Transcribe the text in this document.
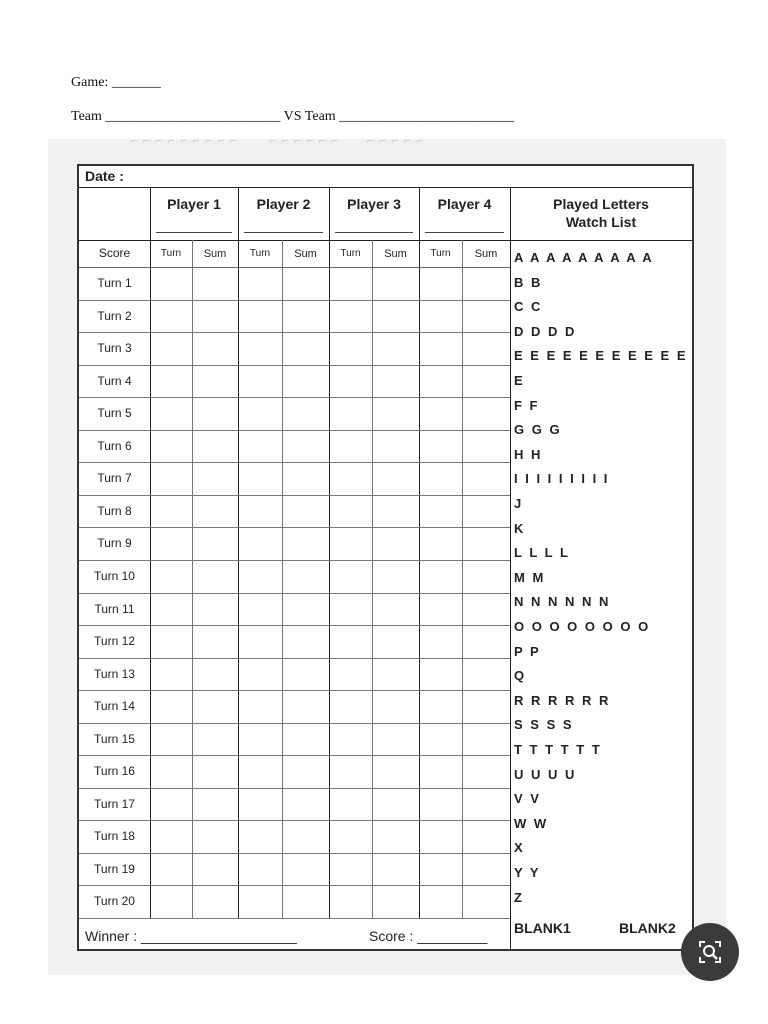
Game: _______
Team _________________________ VS Team _________________________
⌐ ⌐ ⌐ ⌐ ⌐ ⌐ ⌐ ⌐ ⌐        ⌐ ⌐ ⌐ ⌐ ⌐ ⌐       ⌐ ⌐ ⌐ ⌐ ⌐
Date :
Player 1	Player 2	Player 3	Player 4	Played Letters
Watch List
Score	Turn	Sum	Turn	Sum	Turn	Sum	Turn	Sum
Turn 1
Turn 2
Turn 3
Turn 4
Turn 5
Turn 6
Turn 7
Turn 8
Turn 9
Turn 10
Turn 11
Turn 12
Turn 13
Turn 14
Turn 15
Turn 16
Turn 17
Turn 18
Turn 19
Turn 20
A A A A A A A A A
B B
C C
D D D D
E E E E E E E E E E E
E
F F
G G G
H H
I I I I I I I I I
J
K
L L L L
M M
N N N N N N
O O O O O O O O
P P
Q
R R R R R R
S S S S
T T T T T T
U U U U
V V
W W
X
Y Y
Z
BLANK1	BLANK2
Winner : ____________________	Score : _________
